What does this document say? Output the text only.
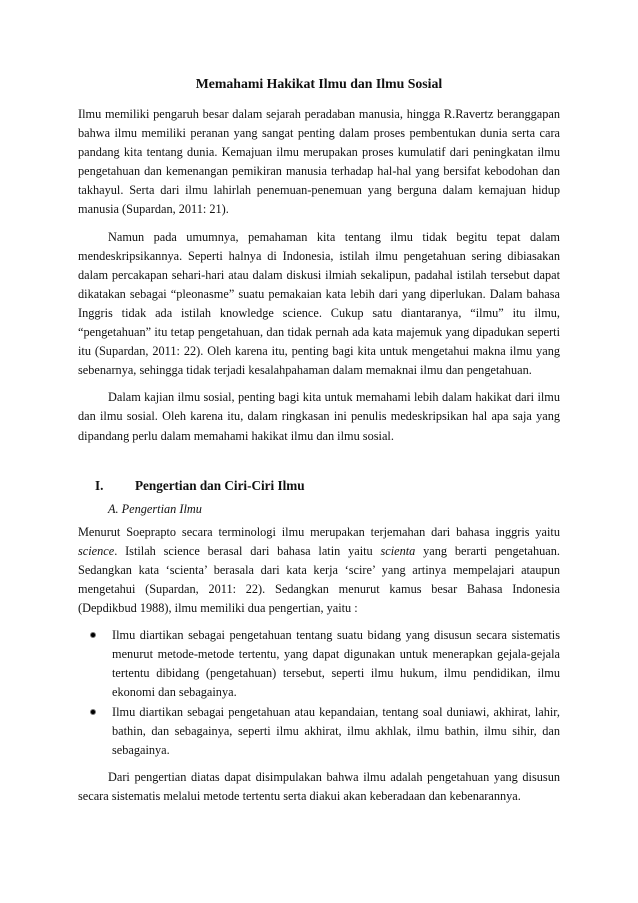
Memahami Hakikat Ilmu dan Ilmu Sosial

Ilmu memiliki pengaruh besar dalam sejarah peradaban manusia, hingga R.Ravertz beranggapan bahwa ilmu memiliki peranan yang sangat penting dalam proses pembentukan dunia serta cara pandang kita tentang dunia. Kemajuan ilmu merupakan proses kumulatif dari peningkatan ilmu pengetahuan dan kemenangan pemikiran manusia terhadap hal-hal yang bersifat kebodohan dan takhayul. Serta dari ilmu lahirlah penemuan-penemuan yang berguna dalam kemajuan hidup manusia (Supardan, 2011: 21).

Namun pada umumnya, pemahaman kita tentang ilmu tidak begitu tepat dalam mendeskripsikannya. Seperti halnya di Indonesia, istilah ilmu pengetahuan sering dibiasakan dalam percakapan sehari-hari atau dalam diskusi ilmiah sekalipun, padahal istilah tersebut dapat dikatakan sebagai “pleonasme” suatu pemakaian kata lebih dari yang diperlukan. Dalam bahasa Inggris tidak ada istilah knowledge science. Cukup satu diantaranya, “ilmu” itu ilmu, “pengetahuan” itu tetap pengetahuan, dan tidak pernah ada kata majemuk yang dipadukan seperti itu (Supardan, 2011: 22). Oleh karena itu, penting bagi kita untuk mengetahui makna ilmu yang sebenarnya, sehingga tidak terjadi kesalahpahaman dalam memaknai ilmu dan pengetahuan.

Dalam kajian ilmu sosial, penting bagi kita untuk memahami lebih dalam hakikat dari ilmu dan ilmu sosial. Oleh karena itu, dalam ringkasan ini penulis medeskripsikan hal apa saja yang dipandang perlu dalam memahami hakikat ilmu dan ilmu sosial.

I.	Pengertian dan Ciri-Ciri Ilmu
A. Pengertian Ilmu

Menurut Soeprapto secara terminologi ilmu merupakan terjemahan dari bahasa inggris yaitu science. Istilah science berasal dari bahasa latin yaitu scienta yang berarti pengetahuan. Sedangkan kata ‘scienta’ berasala dari kata kerja ‘scire’ yang artinya mempelajari ataupun mengetahui (Supardan, 2011: 22). Sedangkan menurut kamus besar Bahasa Indonesia (Depdikbud 1988), ilmu memiliki dua pengertian, yaitu :

Ilmu diartikan sebagai pengetahuan tentang suatu bidang yang disusun secara sistematis menurut metode-metode tertentu, yang dapat digunakan untuk menerapkan gejala-gejala tertentu dibidang (pengetahuan) tersebut, seperti ilmu hukum, ilmu pendidikan, ilmu ekonomi dan sebagainya.
Ilmu diartikan sebagai pengetahuan atau kepandaian, tentang soal duniawi, akhirat, lahir, bathin, dan sebagainya, seperti ilmu akhirat, ilmu akhlak, ilmu bathin, ilmu sihir, dan sebagainya.

Dari pengertian diatas dapat disimpulakan bahwa ilmu adalah pengetahuan yang disusun secara sistematis melalui metode tertentu serta diakui akan keberadaan dan kebenarannya.
